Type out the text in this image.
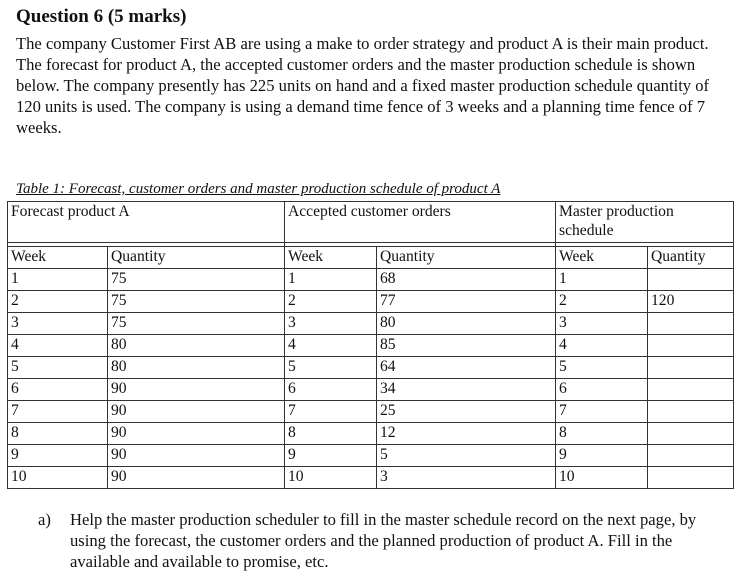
Question 6 (5 marks)

The company Customer First AB are using a make to order strategy and product A is their main product. The forecast for product A, the accepted customer orders and the master production schedule is shown below. The company presently has 225 units on hand and a fixed master production schedule quantity of 120 units is used. The company is using a demand time fence of 3 weeks and a planning time fence of 7 weeks.

Table 1: Forecast, customer orders and master production schedule of product A
Forecast product A		Accepted customer orders		Master production schedule	

Week	Quantity	Week	Quantity	Week	Quantity
1	75	1	68	1	
2	75	2	77	2	120
3	75	3	80	3	
4	80	4	85	4	
5	80	5	64	5	
6	90	6	34	6	
7	90	7	25	7	
8	90	8	12	8	
9	90	9	5	9	
10	90	10	3	10	
a) Help the master production scheduler to fill in the master schedule record on the next page, by using the forecast, the customer orders and the planned production of product A. Fill in the available and available to promise, etc.
